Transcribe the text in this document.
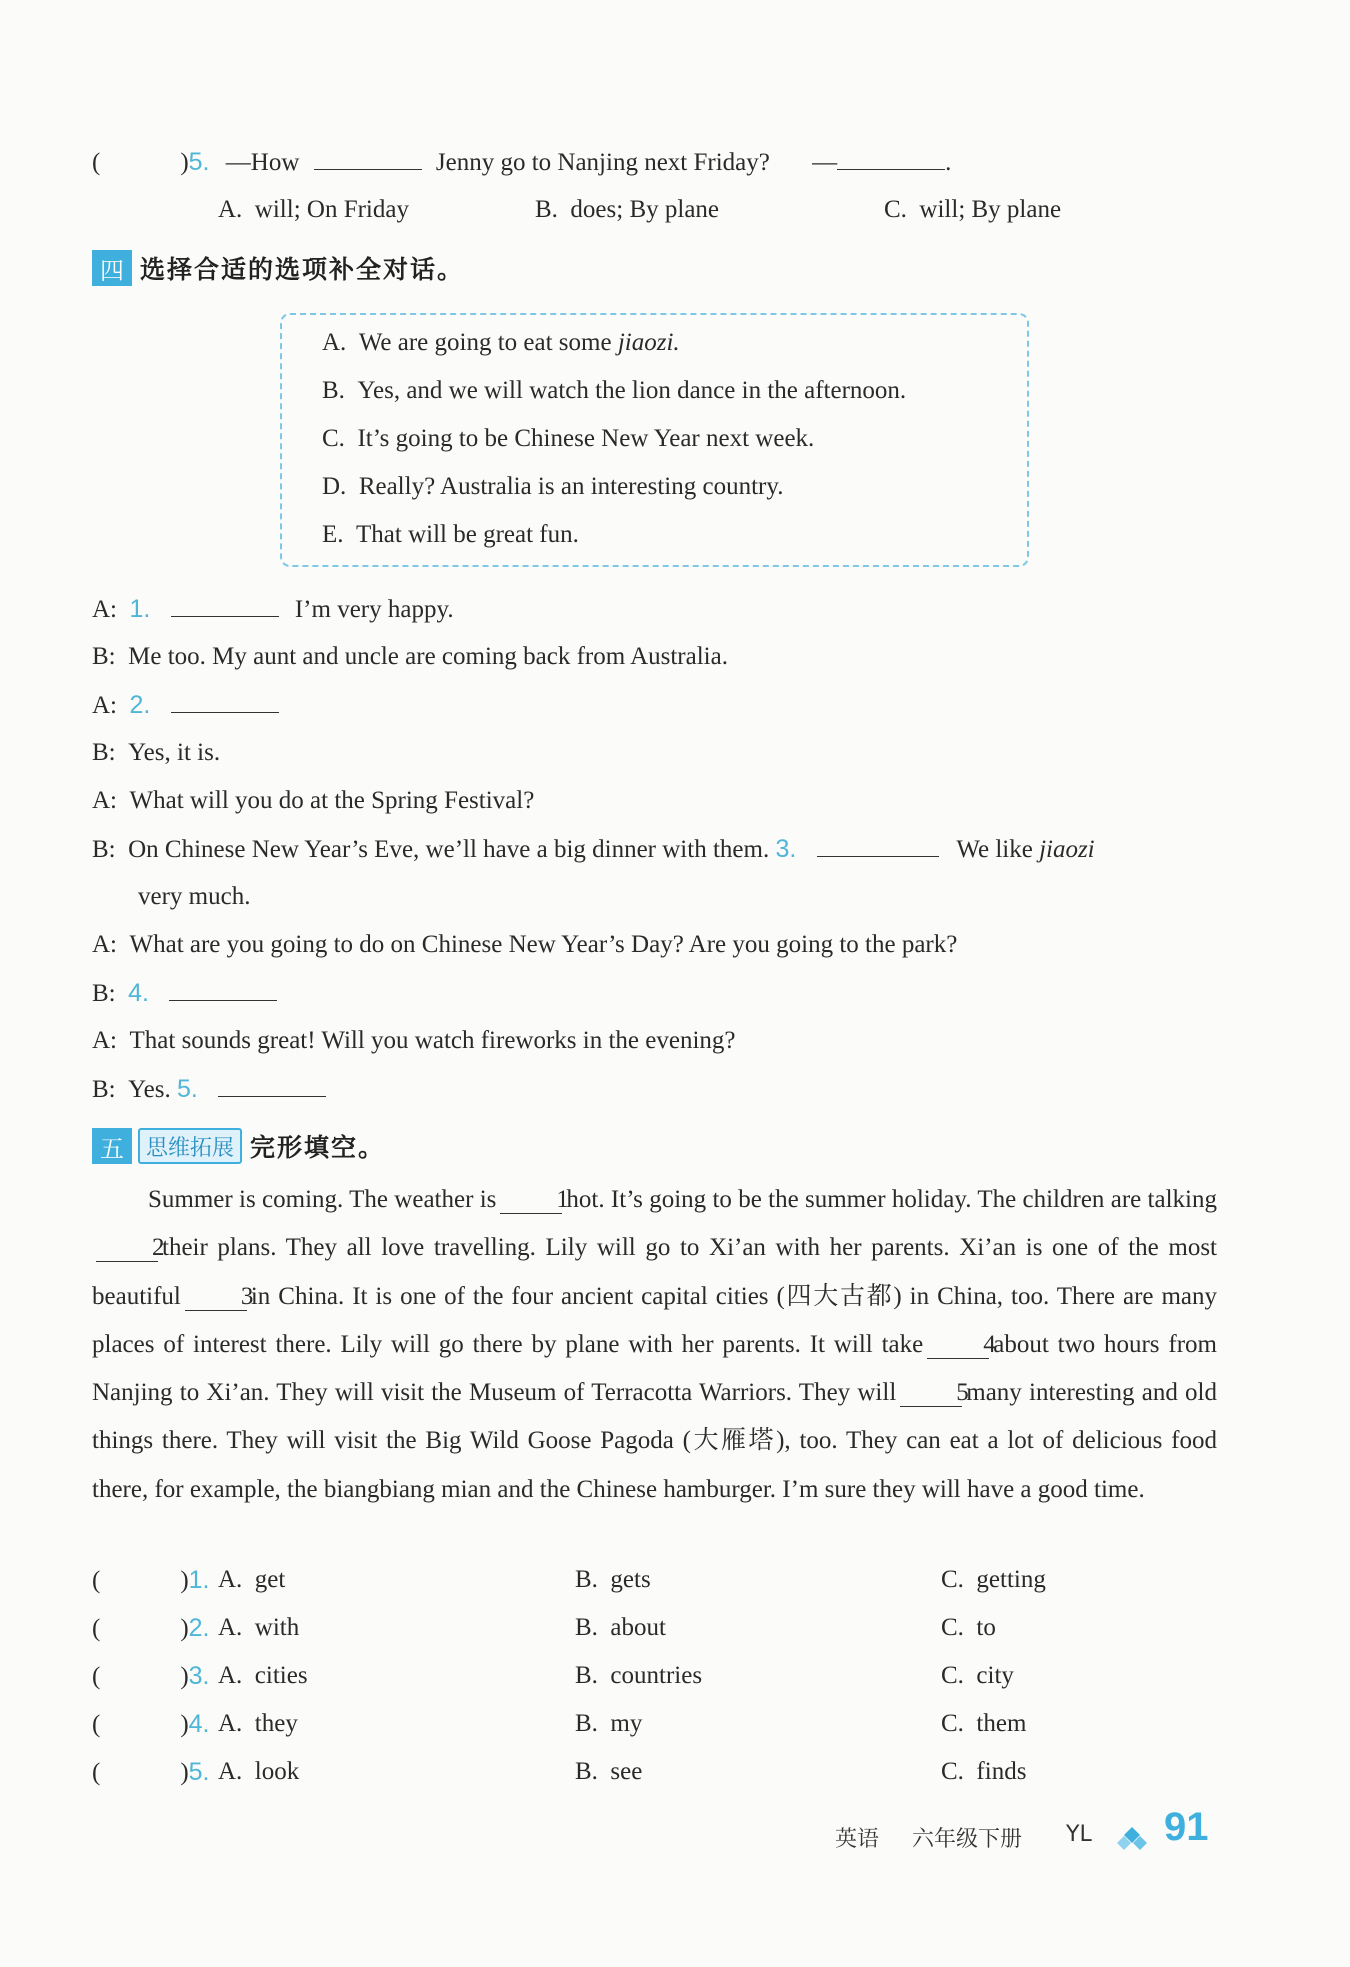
(	)5. —How	Jenny go to Nanjing next Friday? —	.
A.  will; On Friday	B.  does; By plane	C.  will; By plane
四 选择合适的选项补全对话。
A. We are going to eat some jiaozi.
B. Yes, and we will watch the lion dance in the afternoon.
C. It’s going to be Chinese New Year next week.
D. Really? Australia is an interesting country.
E. That will be great fun.
A: 1.	I’m very happy.
B: Me too. My aunt and uncle are coming back from Australia.
A: 2.
B: Yes, it is.
A: What will you do at the Spring Festival?
B: On Chinese New Year’s Eve, we’ll have a big dinner with them. 3.	We like jiaozi
very much.
A: What are you going to do on Chinese New Year’s Day? Are you going to the park?
B: 4.
A: That sounds great! Will you watch fireworks in the evening?
B: Yes. 5.
五	思维拓展 完形填空。
Summer is coming. The weather is 1hot. It’s going to be the summer holiday. The children are talking2their plans. They all love travelling. Lily will go to Xi’an with her parents. Xi’an is one of the most beautiful 3in China. It is one of the four ancient capital cities (四大古都) in China, too. There are many places of interest there. Lily will go there by plane with her parents. It will take 4about two hours from Nanjing to Xi’an. They will visit the Museum of Terracotta Warriors. They will 5many interesting and old things there. They will visit the Big Wild Goose Pagoda (大雁塔), too. They can eat a lot of delicious food there, for example, the biangbiang mian and the Chinese hamburger. I’m sure they will have a good time.
(	)1. A.  get	B.  gets	C.  getting
(	)2. A.  with	B.  about	C.  to
(	)3. A.  cities	B.  countries	C.  city
(	)4. A.  they	B.  my	C.  them
(	)5. A.  look	B.  see	C.  finds
英语 六年级下册 YL 91
